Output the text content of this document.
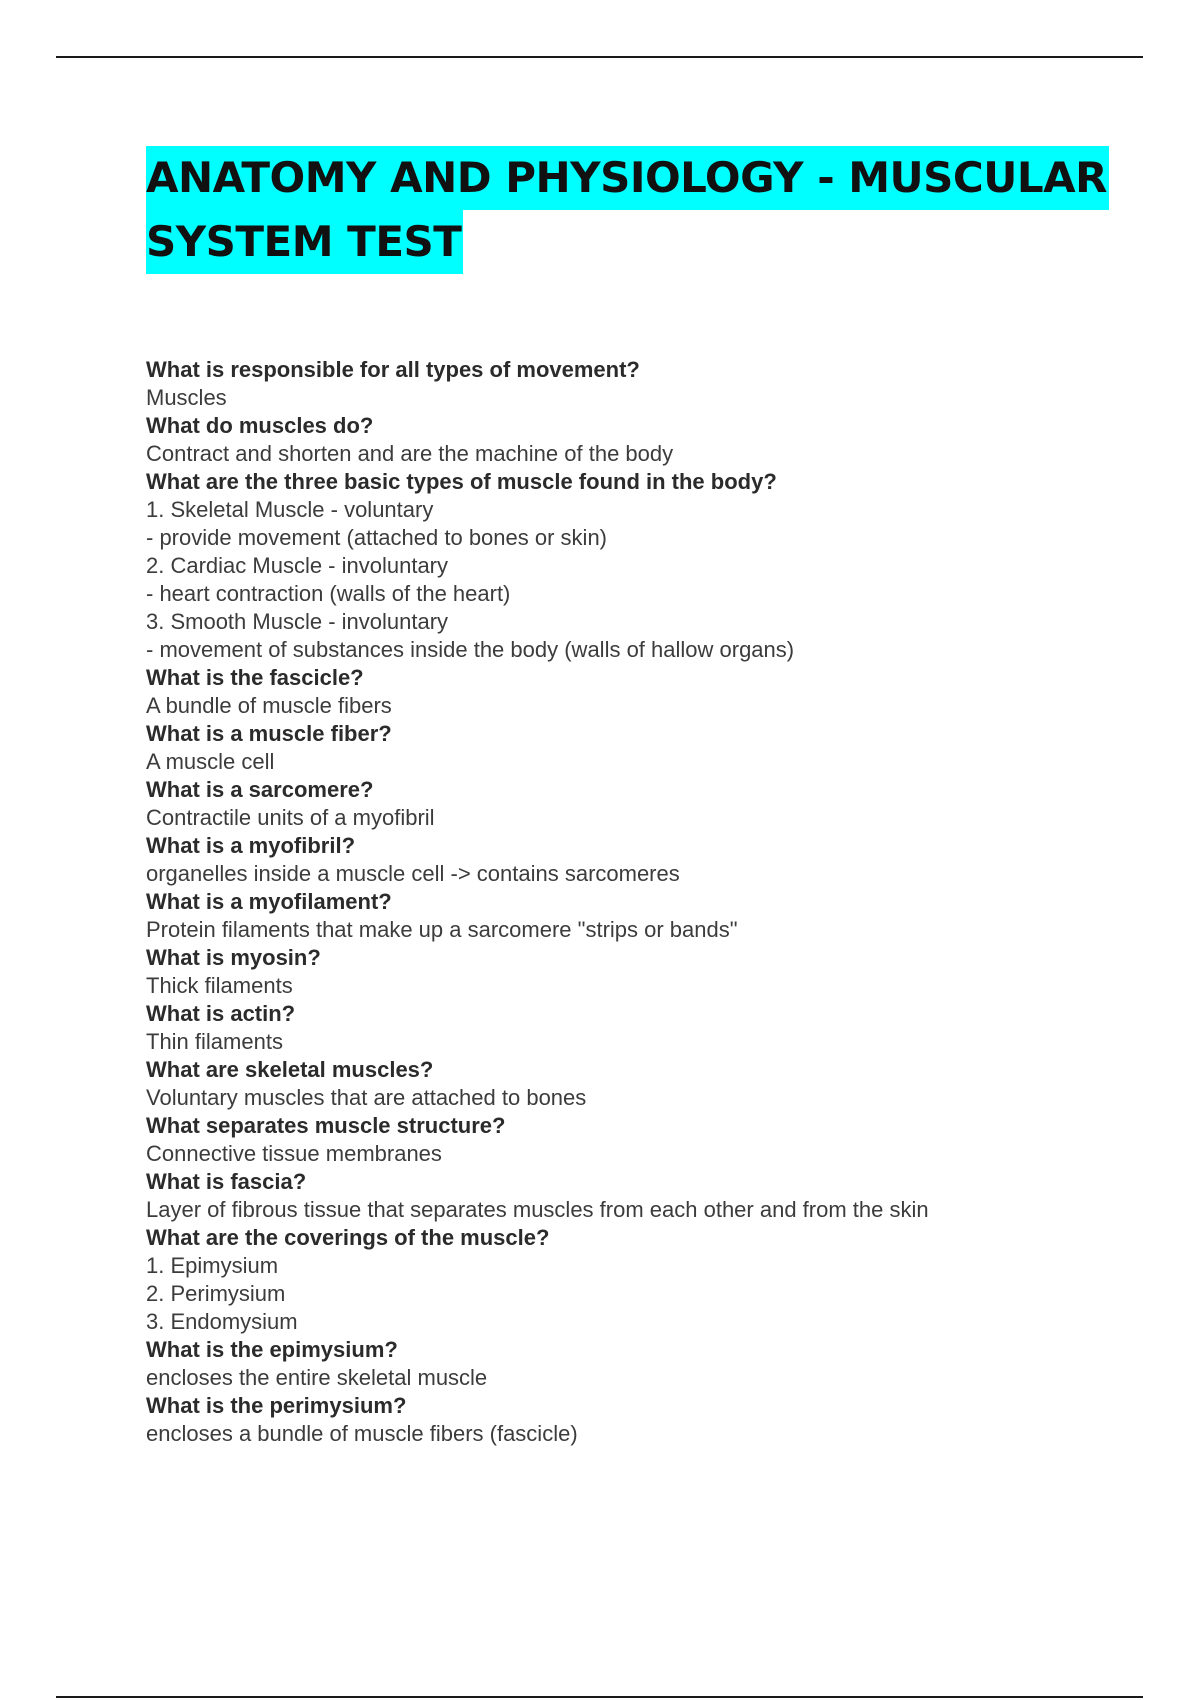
ANATOMY AND PHYSIOLOGY - MUSCULAR
SYSTEM TEST
What is responsible for all types of movement?
Muscles
What do muscles do?
Contract and shorten and are the machine of the body
What are the three basic types of muscle found in the body?
1. Skeletal Muscle - voluntary
- provide movement (attached to bones or skin)
2. Cardiac Muscle - involuntary
- heart contraction (walls of the heart)
3. Smooth Muscle - involuntary
- movement of substances inside the body (walls of hallow organs)
What is the fascicle?
A bundle of muscle fibers
What is a muscle fiber?
A muscle cell
What is a sarcomere?
Contractile units of a myofibril
What is a myofibril?
organelles inside a muscle cell -> contains sarcomeres
What is a myofilament?
Protein filaments that make up a sarcomere "strips or bands"
What is myosin?
Thick filaments
What is actin?
Thin filaments
What are skeletal muscles?
Voluntary muscles that are attached to bones
What separates muscle structure?
Connective tissue membranes
What is fascia?
Layer of fibrous tissue that separates muscles from each other and from the skin
What are the coverings of the muscle?
1. Epimysium
2. Perimysium
3. Endomysium
What is the epimysium?
encloses the entire skeletal muscle
What is the perimysium?
encloses a bundle of muscle fibers (fascicle)
